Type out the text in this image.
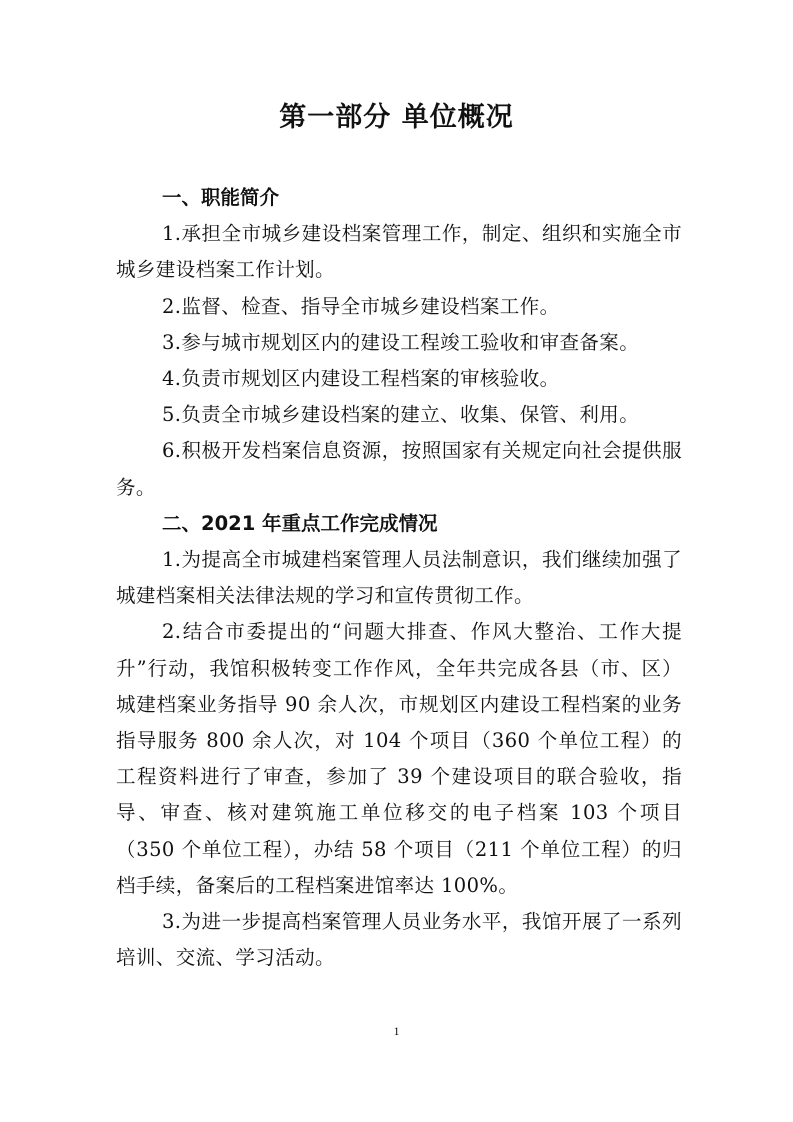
第一部分 单位概况
一、职能简介

1.承担全市城乡建设档案管理工作，制定、组织和实施全市城乡建设档案工作计划。

2.监督、检查、指导全市城乡建设档案工作。

3.参与城市规划区内的建设工程竣工验收和审查备案。

4.负责市规划区内建设工程档案的审核验收。

5.负责全市城乡建设档案的建立、收集、保管、利用。

6.积极开发档案信息资源，按照国家有关规定向社会提供服务。

二、2021 年重点工作完成情况

1.为提高全市城建档案管理人员法制意识，我们继续加强了城建档案相关法律法规的学习和宣传贯彻工作。

2.结合市委提出的“问题大排查、作风大整治、工作大提升”行动，我馆积极转变工作作风，全年共完成各县（市、区）城建档案业务指导 90 余人次，市规划区内建设工程档案的业务指导服务 800 余人次，对 104 个项目（360 个单位工程）的工程资料进行了审查，参加了 39 个建设项目的联合验收，指导、审查、核对建筑施工单位移交的电子档案 103 个项目（350 个单位工程），办结 58 个项目（211 个单位工程）的归档手续，备案后的工程档案进馆率达 100%。

3.为进一步提高档案管理人员业务水平，我馆开展了一系列培训、交流、学习活动。

1
